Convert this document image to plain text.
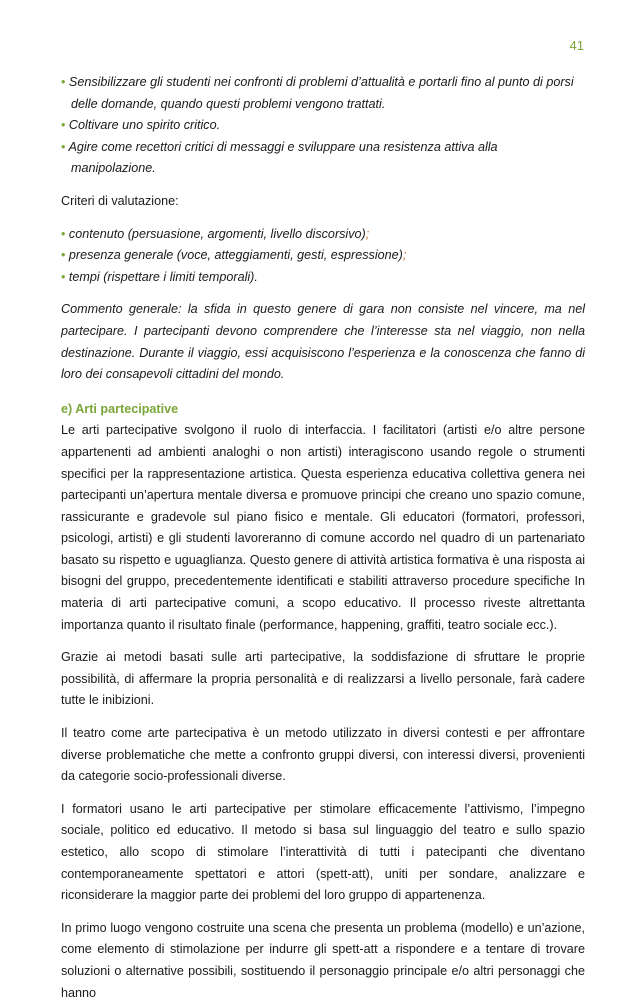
41
• Sensibilizzare gli studenti nei confronti di problemi d’attualità e portarli fino al punto di porsi delle domande, quando questi problemi vengono trattati.
• Coltivare uno spirito critico.
• Agire come recettori critici di messaggi e sviluppare una resistenza attiva alla manipolazione.
Criteri di valutazione:
• contenuto (persuasione, argomenti, livello discorsivo);
• presenza generale (voce, atteggiamenti, gesti, espressione);
• tempi (rispettare i limiti temporali).
Commento generale: la sfida in questo genere di gara non consiste nel vincere, ma nel partecipare. I partecipanti devono comprendere che l’interesse sta nel viaggio, non nella destinazione. Durante il viaggio, essi acquisiscono l’esperienza e la conoscenza che fanno di loro dei consapevoli cittadini del mondo.
e) Arti partecipative

Le arti partecipative svolgono il ruolo di interfaccia. I facilitatori (artisti e/o altre persone appartenenti ad ambienti analoghi o non artisti) interagiscono usando regole o strumenti specifici per la rappresentazione artistica. Questa esperienza educativa collettiva genera nei partecipanti un’apertura mentale diversa e promuove principi che creano uno spazio comune, rassicurante e gradevole sul piano fisico e mentale. Gli educatori (formatori, professori, psicologi, artisti) e gli studenti lavoreranno di comune accordo nel quadro di un partenariato basato su rispetto e uguaglianza. Questo genere di attività artistica formativa è una risposta ai bisogni del gruppo, precedentemente identificati e stabiliti attraverso procedure specifiche In materia di arti partecipative comuni, a scopo educativo. Il processo riveste altrettanta importanza quanto il risultato finale (performance, happening, graffiti, teatro sociale ecc.).

Grazie ai metodi basati sulle arti partecipative, la soddisfazione di sfruttare le proprie possibilità, di affermare la propria personalità e di realizzarsi a livello personale, farà cadere tutte le inibizioni.

Il teatro come arte partecipativa è un metodo utilizzato in diversi contesti e per affrontare diverse problematiche che mette a confronto gruppi diversi, con interessi diversi, provenienti da categorie socio-professionali diverse.

I formatori usano le arti partecipative per stimolare efficacemente l’attivismo, l’impegno sociale, politico ed educativo. Il metodo si basa sul linguaggio del teatro e sullo spazio estetico, allo scopo di stimolare l’interattività di tutti i patecipanti che diventano contemporaneamente spettatori e attori (spett-att), uniti per sondare, analizzare e riconsiderare la maggior parte dei problemi del loro gruppo di appartenenza.

In primo luogo vengono costruite una scena che presenta un problema (modello) e un’azione, come elemento di stimolazione per indurre gli spett-att a rispondere e a tentare di trovare soluzioni o alternative possibili, sostituendo il personaggio principale e/o altri personaggi che hanno
